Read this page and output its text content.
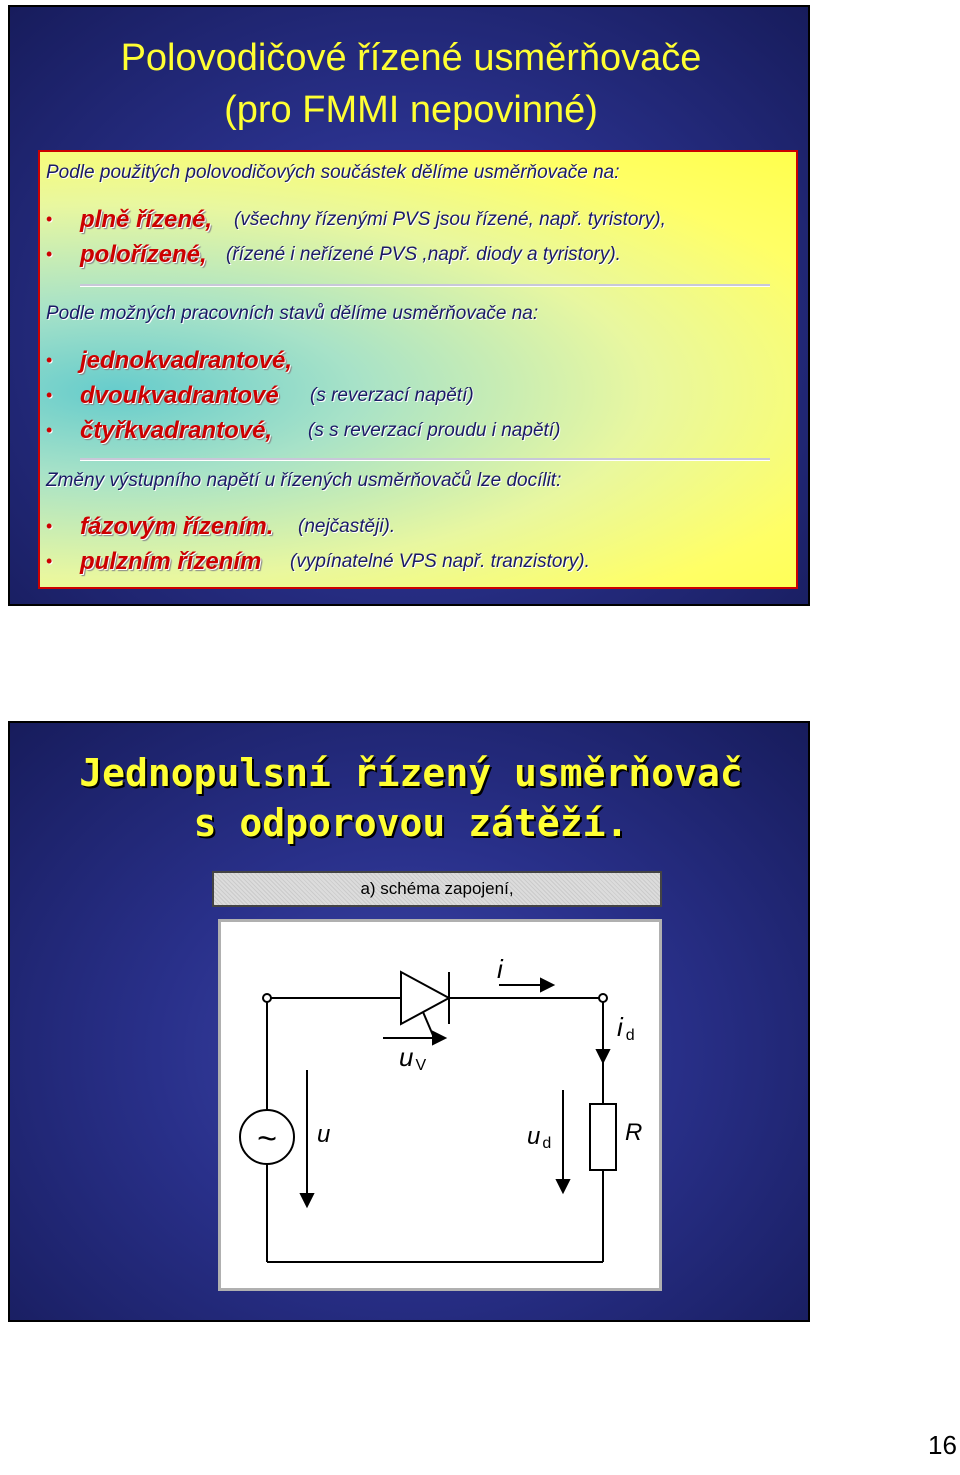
Polovodičové řízené usměrňovače
(pro FMMI nepovinné)
Podle použitých polovodičových součástek dělíme usměrňovače na:
• plně řízené, (všechny řízenými PVS jsou řízené, např. tyristory),
• polořízené, (řízené i neřízené PVS ,např. diody a tyristory).
Podle možných pracovních stavů dělíme usměrňovače na:
• jednokvadrantové,
• dvoukvadrantové (s reverzací napětí)
• čtyřkvadrantové, (s s reverzací proudu i napětí)
Změny výstupního napětí u řízených usměrňovačů lze docílit:
• fázovým řízením. (nejčastěji).
• pulzním řízením (vypínatelné VPS např. tranzistory).
Jednopulsní řízený usměrňovač
s odporovou zátěží.
a) schéma zapojení,
~
i
id
u V
u	ud	R
16
